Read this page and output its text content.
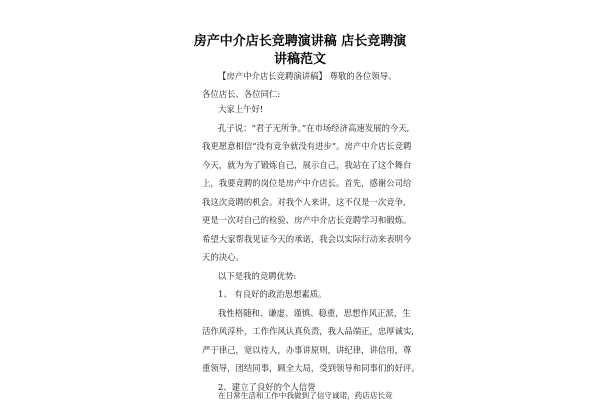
房产中介店长竞聘演讲稿 店长竞聘演
讲稿范文
【房产中介店长竞聘演讲稿】 尊敬的各位领导、
各位店长、各位同仁:
大家上午好!
孔子说：“君子无所争。”在市场经济高速发展的今天,
我更愿意相信“没有竞争就没有进步”。房产中介店长竞聘
今天，就为为了锻炼自己，展示自己，我站在了这个舞台
上，我要竞聘的岗位是房产中介店长。首先，感谢公司给
我这次竞聘的机会。对我个人来讲，这不仅是一次竞争,
更是一次对自己的检验、房产中介店长竞聘学习和锻炼。
希望大家帮我见证今天的承诺，我会以实际行动来表明今
天的决心。
以下是我的竞聘优势:
1、 有良好的政治思想素质。
我性格随和、谦虚、谨慎、稳重，思想作风正派，生
活作风淳朴，工作作风认真负责，我人品端正，忠厚诚实,
严于律己，宽以待人，办事讲原则，讲纪律，讲信用，尊
重领导，团结同事，顾全大局，受到领导和同事们的好评。
2、建立了良好的个人信誉
在日常生活和工作中我做到了信守诚诺，药店店长竞
